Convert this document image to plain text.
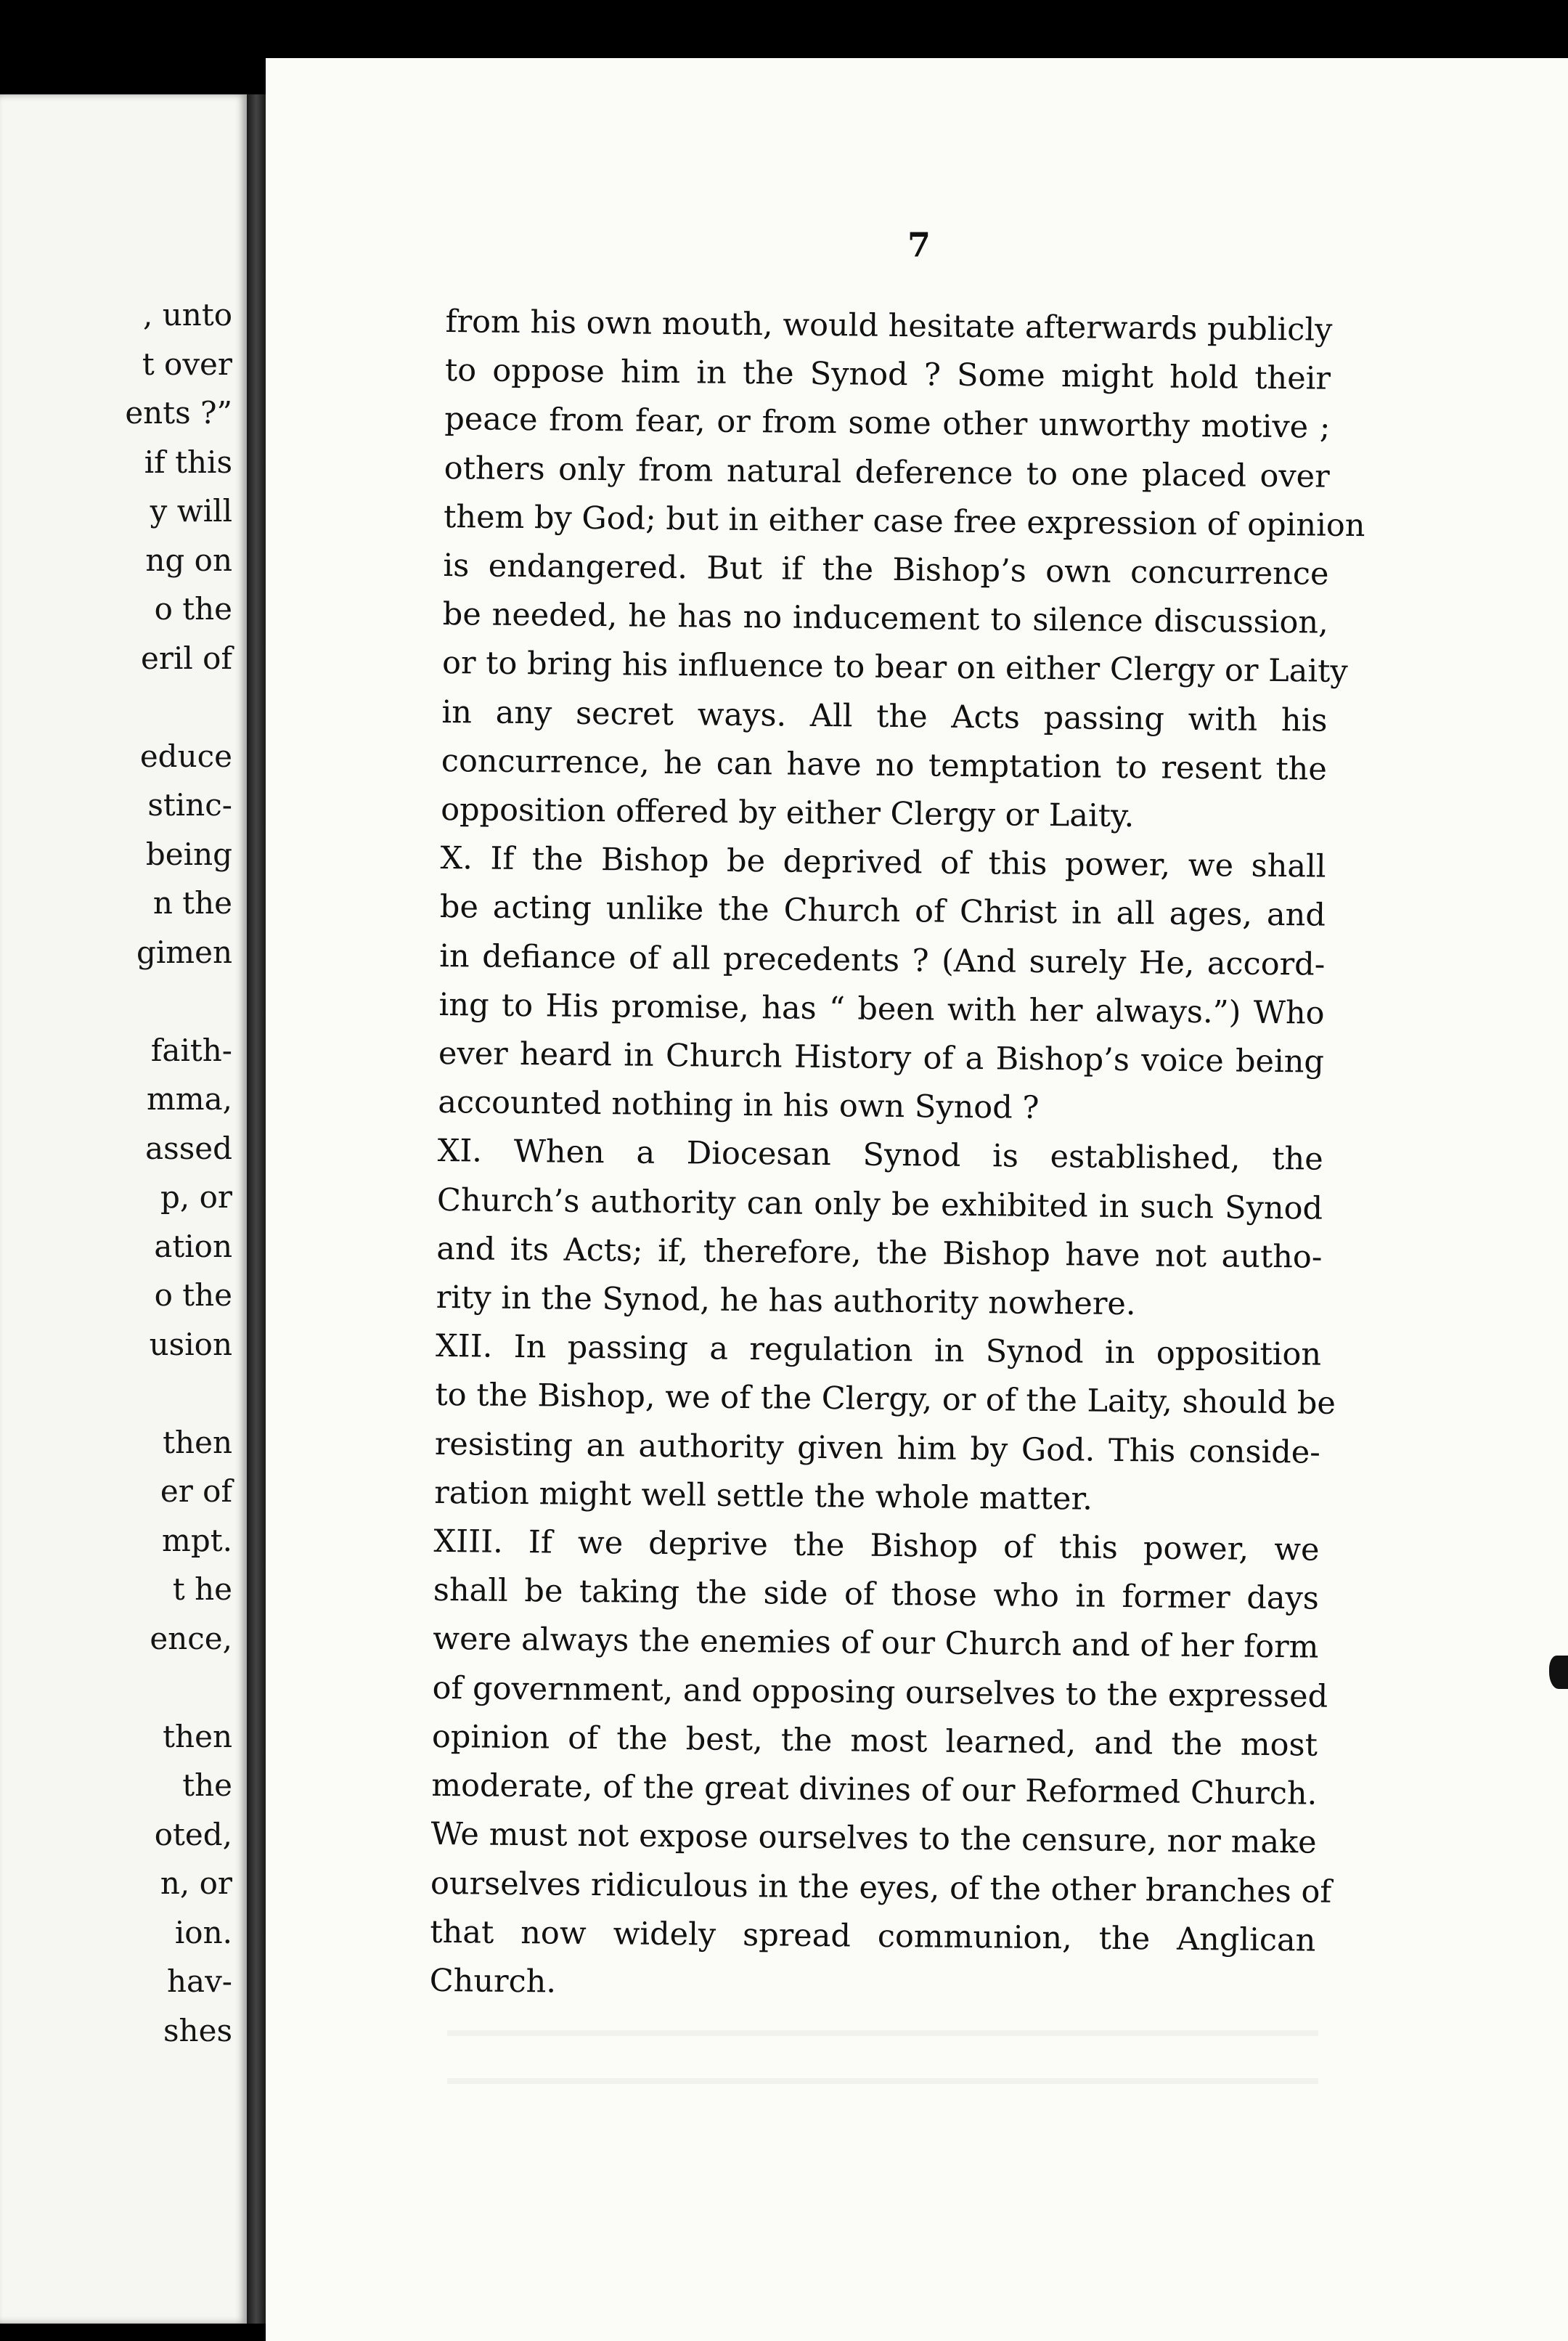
, unto
t over
ents ?”
if this
y will
ng on
o the
eril of

educe
stinc-
being
n the
gimen

faith-
mma,
assed
p, or
ation
o the
usion

then
er of
mpt.
t he
ence,

then
the
oted,
n, or
ion.
hav-
shes
7
from his own mouth, would hesitate afterwards publicly
to oppose him in the Synod ? Some might hold their
peace from fear, or from some other unworthy motive ;
others only from natural deference to one placed over
them by God; but in either case free expression of opinion
is endangered. But if the Bishop’s own concurrence
be needed, he has no inducement to silence discussion,
or to bring his influence to bear on either Clergy or Laity
in any secret ways. All the Acts passing with his
concurrence, he can have no temptation to resent the
opposition offered by either Clergy or Laity.
X. If the Bishop be deprived of this power, we shall
be acting unlike the Church of Christ in all ages, and
in defiance of all precedents ? (And surely He, accord-
ing to His promise, has “ been with her always.”) Who
ever heard in Church History of a Bishop’s voice being
accounted nothing in his own Synod ?
XI. When a Diocesan Synod is established, the
Church’s authority can only be exhibited in such Synod
and its Acts; if, therefore, the Bishop have not autho-
rity in the Synod, he has authority nowhere.
XII. In passing a regulation in Synod in opposition
to the Bishop, we of the Clergy, or of the Laity, should be
resisting an authority given him by God. This conside-
ration might well settle the whole matter.
XIII. If we deprive the Bishop of this power, we
shall be taking the side of those who in former days
were always the enemies of our Church and of her form
of government, and opposing ourselves to the expressed
opinion of the best, the most learned, and the most
moderate, of the great divines of our Reformed Church.
We must not expose ourselves to the censure, nor make
ourselves ridiculous in the eyes, of the other branches of
that now widely spread communion, the Anglican
Church.
